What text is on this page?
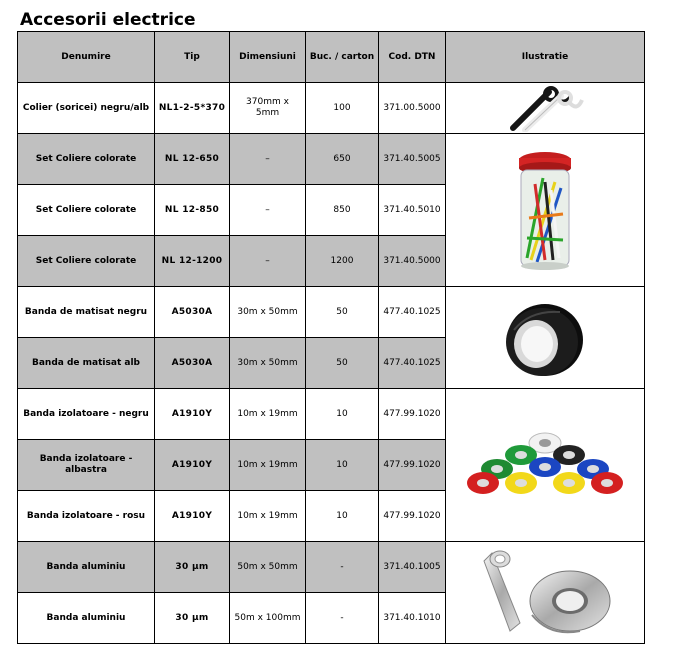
Accesorii electrice
Denumire	Tip	Dimensiuni	Buc. / carton	Cod. DTN	Ilustratie
Colier (soricei) negru/alb	NL1-2-5*370	370mm x 5mm	100	371.00.5000	

Set Coliere colorate	NL 12-650	–	650	371.40.5005	

Set Coliere colorate	NL 12-850	–	850	371.40.5010	
Set Coliere colorate	NL 12-1200	–	1200	371.40.5000	
Banda de matisat negru	A5030A	30m x 50mm	50	477.40.1025	

Banda de matisat alb	A5030A	30m x 50mm	50	477.40.1025	
Banda izolatoare - negru	A1910Y	10m x 19mm	10	477.99.1020	

Banda izolatoare - albastra	A1910Y	10m x 19mm	10	477.99.1020	
Banda izolatoare - rosu	A1910Y	10m x 19mm	10	477.99.1020	
Banda aluminiu	30 µm	50m x 50mm	-	371.40.1005	

Banda aluminiu	30 µm	50m x 100mm	-	371.40.1010	
